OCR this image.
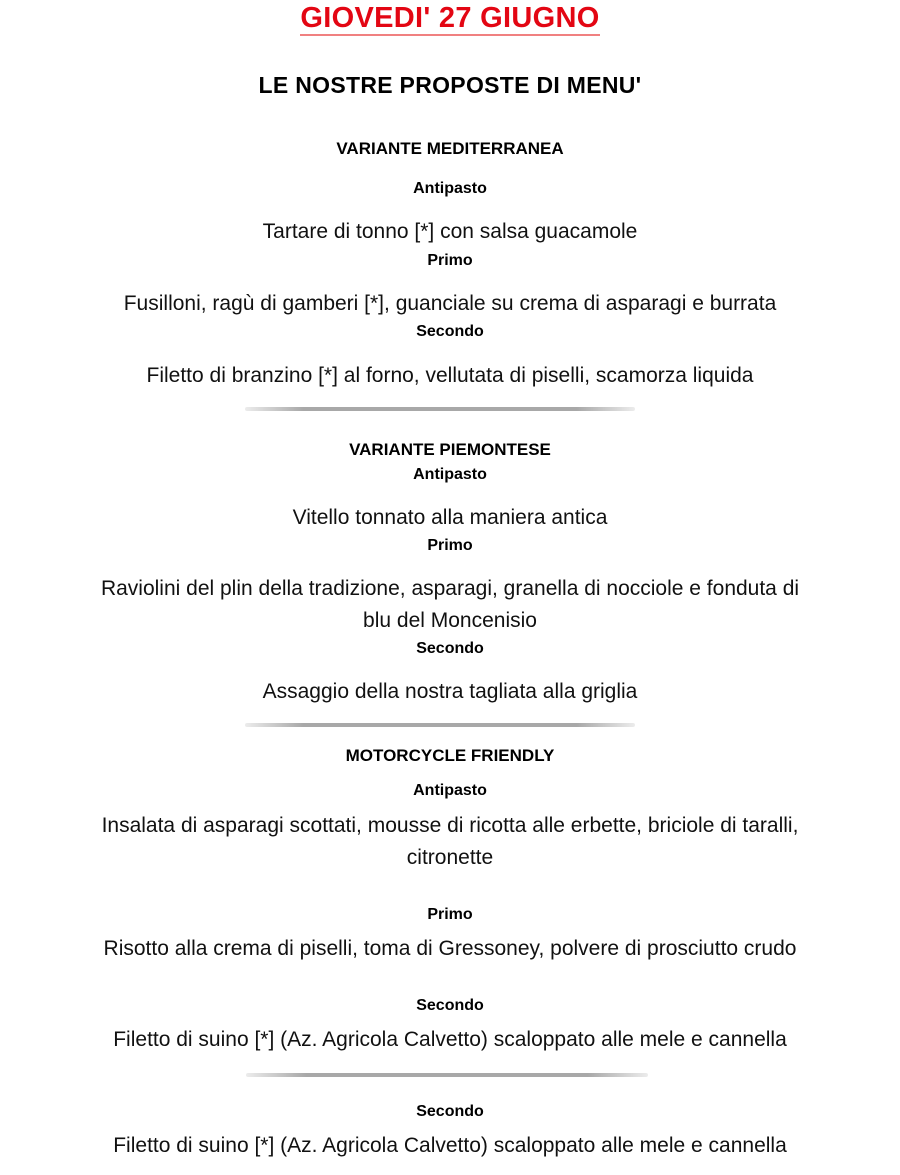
GIOVEDI' 27 GIUGNO
LE NOSTRE PROPOSTE DI MENU'
VARIANTE MEDITERRANEA
Antipasto
Tartare di tonno [*] con salsa guacamole
Primo
Fusilloni, ragù di gamberi [*], guanciale su crema di asparagi e burrata
Secondo
Filetto di branzino [*] al forno, vellutata di piselli, scamorza liquida
VARIANTE PIEMONTESE
Antipasto
Vitello tonnato alla maniera antica
Primo
Raviolini del plin della tradizione, asparagi, granella di nocciole e fonduta di
blu del Moncenisio
Secondo
Assaggio della nostra tagliata alla griglia
MOTORCYCLE FRIENDLY
Antipasto
Insalata di asparagi scottati, mousse di ricotta alle erbette, briciole di taralli,
citronette
Primo
Risotto alla crema di piselli, toma di Gressoney, polvere di prosciutto crudo
Secondo
Filetto di suino [*] (Az. Agricola Calvetto) scaloppato alle mele e cannella
Secondo
Filetto di suino [*] (Az. Agricola Calvetto) scaloppato alle mele e cannella
